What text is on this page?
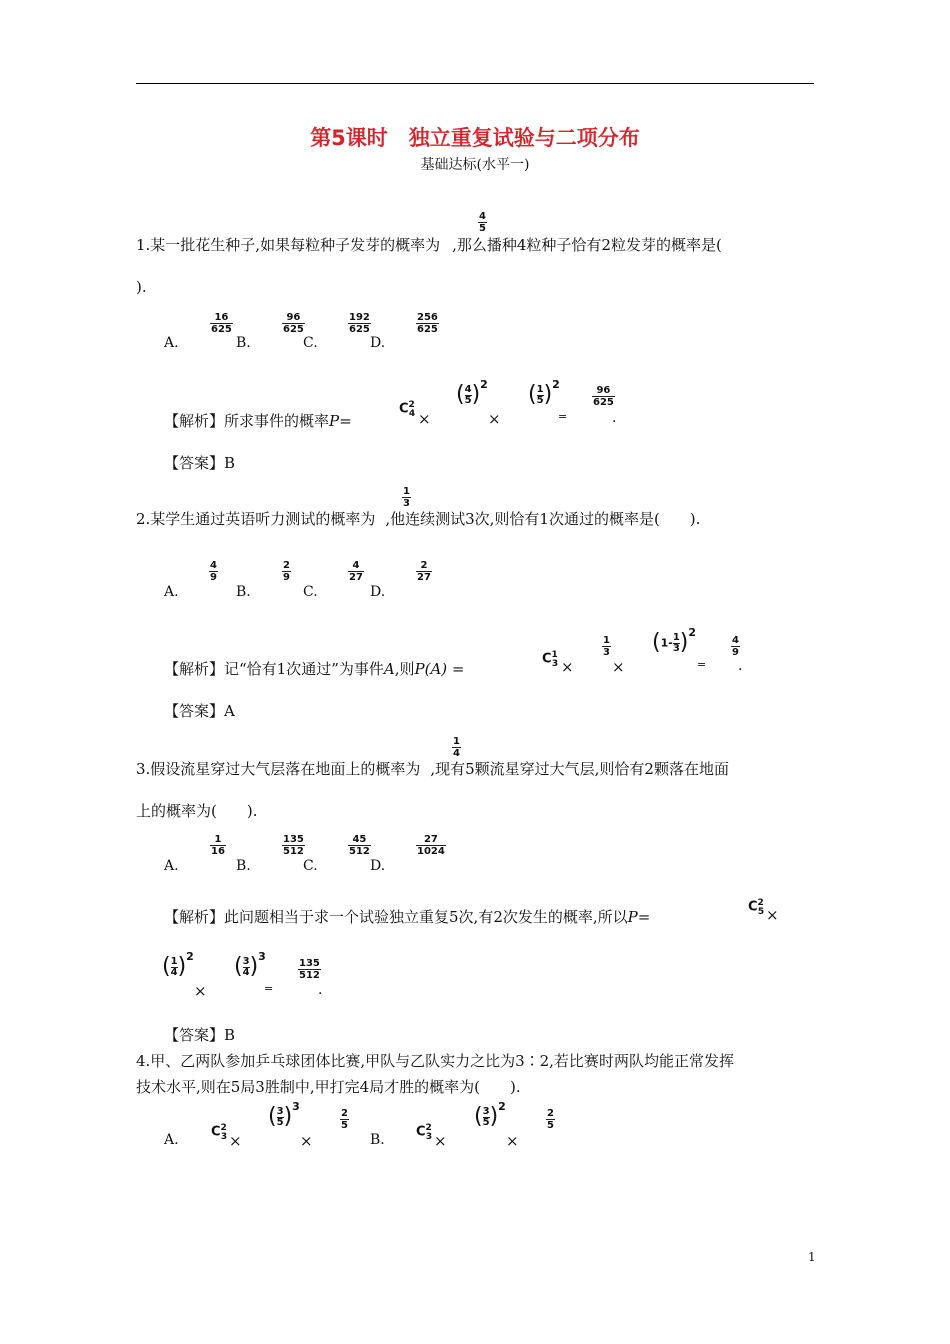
第5课时　独立重复试验与二项分布
基础达标(水平一)
$\frac{4}{5}$
1.某一批花生种子,如果每粒种子发芽的概率为 ,那么播种4粒种子恰有2粒发芽的概率是(
).
$\frac{16}{625}$
A.	B.
$\frac{96}{625}$
C.
$\frac{192}{625}$
D.
$\frac{256}{625}$
【解析】所求事件的概率P=
$C^2_4$ ×
( $\frac{4}{5} )2$
×
( $\frac{1}{5} )2$
=
$\frac{96}{625}$
.
【答案】B
$\frac{1}{3}$
2.某学生通过英语听力测试的概率为 ,他连续测试3次,则恰有1次通过的概率是(　　).
A.
$\frac{4}{9}$
B.
$\frac{2}{9}$
C.
$\frac{4}{27}$
D.
$\frac{2}{27}$
【解析】记“恰有1次通过”为事件A,则P(A) =
$C^1_3$ ×
$\frac{1}{3}$
×
$(1- \frac{1}{3} )2$
=
$\frac{4}{9}$
.
【答案】A
$\frac{1}{4}$
3.假设流星穿过大气层落在地面上的概率为 ,现有5颗流星穿过大气层,则恰有2颗落在地面
上的概率为(　　).
A.
$\frac{1}{16}$
B.
$\frac{135}{512}$
C.
$\frac{45}{512}$
D.
$\frac{27}{1024}$
【解析】此问题相当于求一个试验独立重复5次,有2次发生的概率,所以P=
$C^2_5$ ×
( $\frac{1}{4} )2$
×
( $\frac{3}{4} )3$
=
$\frac{135}{512}$
.
【答案】B
4.甲、乙两队参加乒乓球团体比赛,甲队与乙队实力之比为3∶2,若比赛时两队均能正常发挥
技术水平,则在5局3胜制中,甲打完4局才胜的概率为(　　).
A.
$C^2_3$ ×
( $\frac{3}{5} )3$
×
$\frac{2}{5}$
B.
$C^2_3$ ×
( $\frac{3}{5} )2$
×
$\frac{2}{5}$
1
